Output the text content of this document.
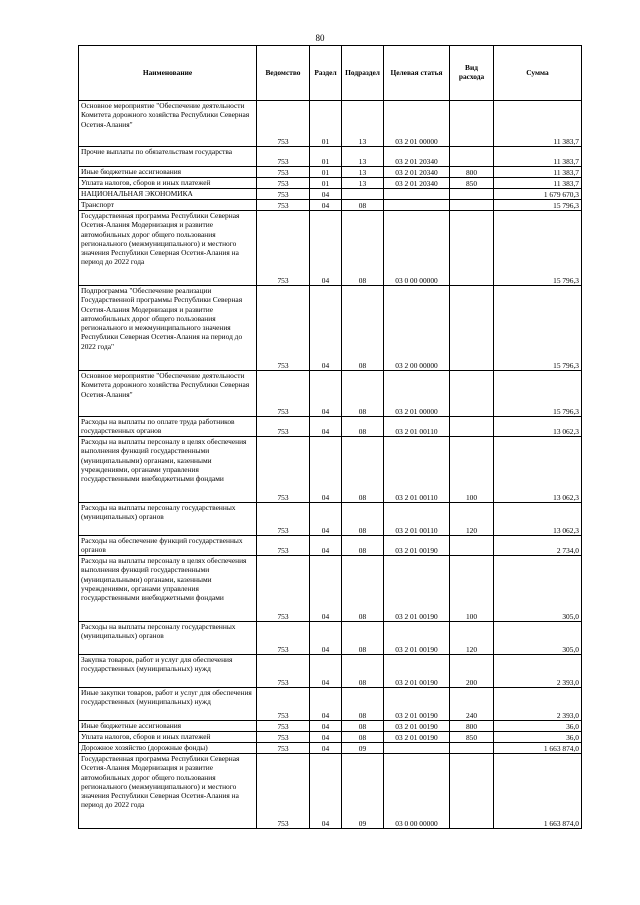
80
Наименование	Ведомство	Раздел	Подраздел	Целевая статья	Вид расхода	Сумма

Основное мероприятие "Обеспечение деятельности Комитета дорожного хозяйства Республики Северная Осетия-Алания"	753	01	13	03 2 01 00000		11 383,7

Прочие выплаты по обязательствам государства	753	01	13	03 2 01 20340		11 383,7

Иные бюджетные ассигнования	753	01	13	03 2 01 20340	800	11 383,7

Уплата налогов, сборов и иных платежей	753	01	13	03 2 01 20340	850	11 383,7

НАЦИОНАЛЬНАЯ ЭКОНОМИКА	753	04				1 679 670,3

Транспорт	753	04	08			15 796,3

Государственная программа Республики Северная Осетия-Алания Модернизация и развитие автомобильных дорог общего пользования регионального (межмуниципального) и местного значения Республики Северная Осетия-Алания на период до 2022 года	753	04	08	03 0 00 00000		15 796,3

Подпрограмма "Обеспечение реализации Государственной программы Республики Северная Осетия-Алания Модернизация и развитие автомобильных дорог общего пользования регионального и межмуниципального значения Республики Северная Осетия-Алания на период до 2022 года"	753	04	08	03 2 00 00000		15 796,3

Основное мероприятие "Обеспечение деятельности Комитета дорожного хозяйства Республики Северная Осетия-Алания"	753	04	08	03 2 01 00000		15 796,3

Расходы на выплаты по оплате труда работников государственных органов	753	04	08	03 2 01 00110		13 062,3

Расходы на выплаты персоналу в целях обеспечения выполнения функций государственными (муниципальными) органами, казенными учреждениями, органами управления государственными внебюджетными фондами	753	04	08	03 2 01 00110	100	13 062,3

Расходы на выплаты персоналу государственных (муниципальных) органов	753	04	08	03 2 01 00110	120	13 062,3

Расходы на обеспечение функций государственных органов	753	04	08	03 2 01 00190		2 734,0

Расходы на выплаты персоналу в целях обеспечения выполнения функций государственными (муниципальными) органами, казенными учреждениями, органами управления государственными внебюджетными фондами	753	04	08	03 2 01 00190	100	305,0

Расходы на выплаты персоналу государственных (муниципальных) органов	753	04	08	03 2 01 00190	120	305,0

Закупка товаров, работ и услуг для обеспечения государственных (муниципальных) нужд	753	04	08	03 2 01 00190	200	2 393,0

Иные закупки товаров, работ и услуг для обеспечения государственных (муниципальных) нужд	753	04	08	03 2 01 00190	240	2 393,0

Иные бюджетные ассигнования	753	04	08	03 2 01 00190	800	36,0

Уплата налогов, сборов и иных платежей	753	04	08	03 2 01 00190	850	36,0

Дорожное хозяйство (дорожные фонды)	753	04	09			1 663 874,0

Государственная программа Республики Северная Осетия-Алания Модернизация и развитие автомобильных дорог общего пользования регионального (межмуниципального) и местного значения Республики Северная Осетия-Алания на период до 2022 года	753	04	09	03 0 00 00000		1 663 874,0
